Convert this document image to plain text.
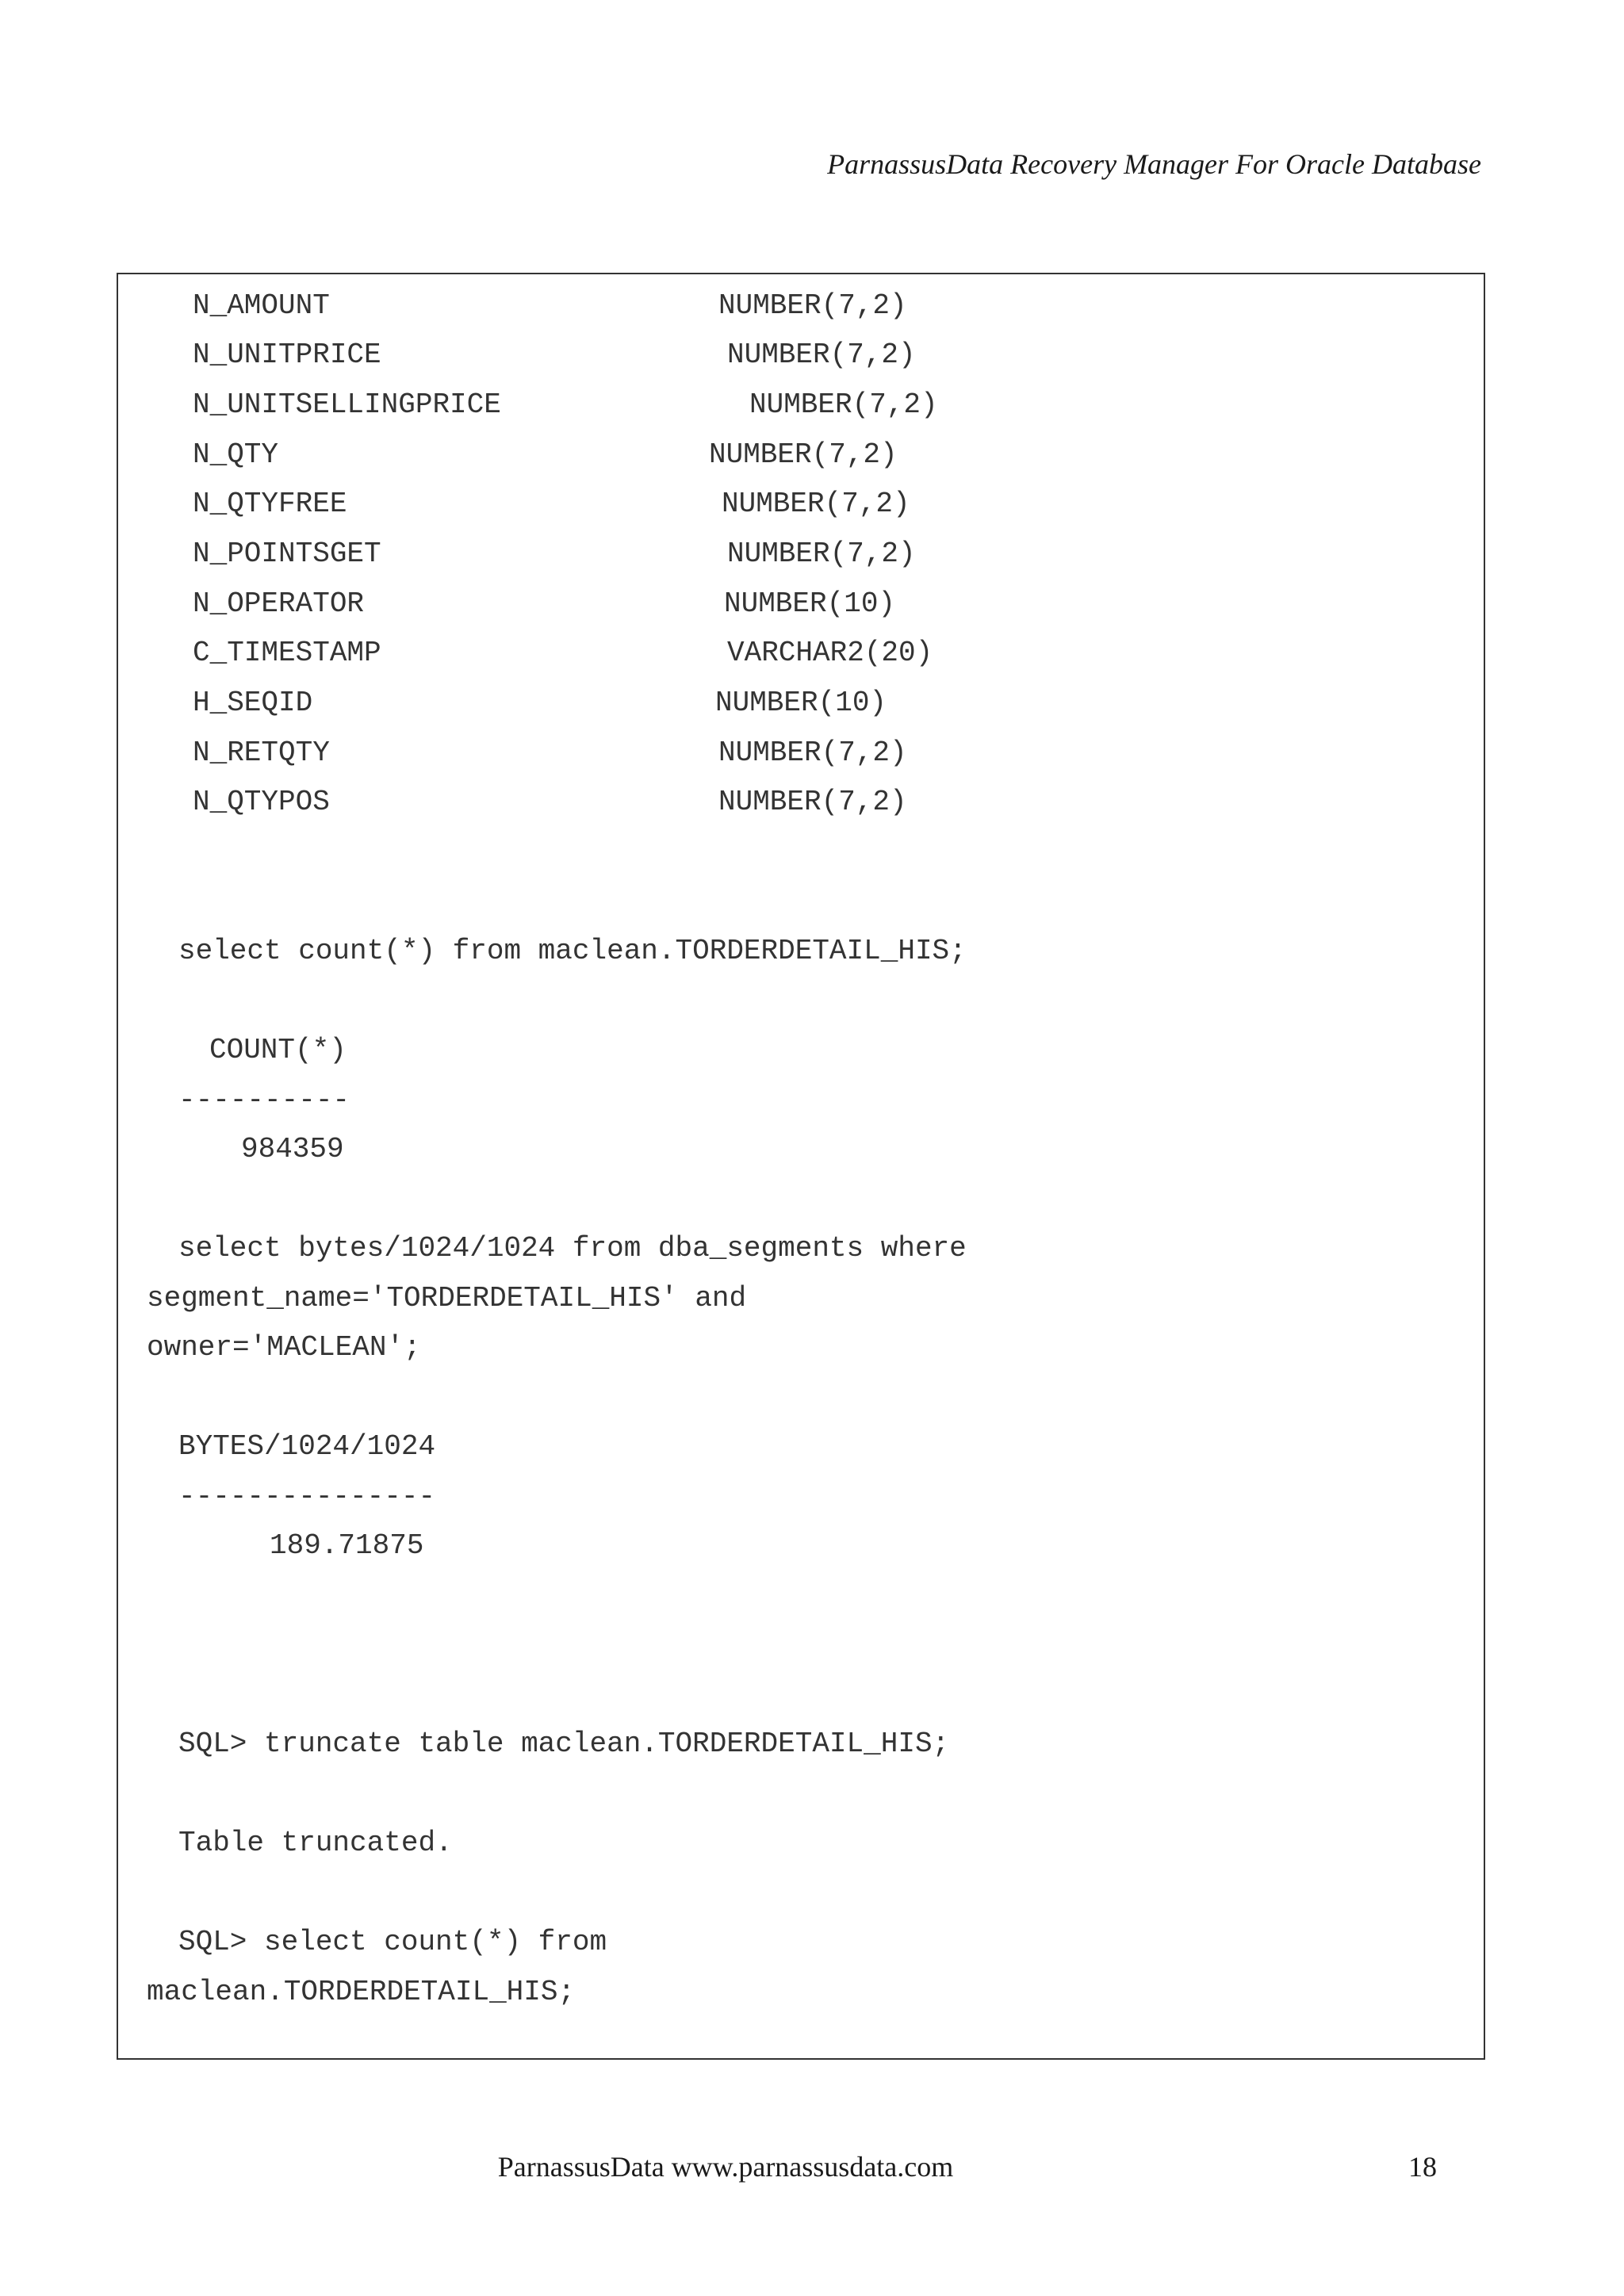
ParnassusData Recovery Manager For Oracle Database
N_AMOUNT	NUMBER(7,2)
N_UNITPRICE	NUMBER(7,2)
N_UNITSELLINGPRICE	NUMBER(7,2)
N_QTY	NUMBER(7,2)
N_QTYFREE	NUMBER(7,2)
N_POINTSGET	NUMBER(7,2)
N_OPERATOR	NUMBER(10)
C_TIMESTAMP	VARCHAR2(20)
H_SEQID	NUMBER(10)
N_RETQTY	NUMBER(7,2)
N_QTYPOS	NUMBER(7,2)
select count(*) from maclean.TORDERDETAIL_HIS;
COUNT(*)
----------
984359
select bytes/1024/1024 from dba_segments where
segment_name='TORDERDETAIL_HIS' and
owner='MACLEAN';
BYTES/1024/1024
---------------
189.71875
SQL> truncate table maclean.TORDERDETAIL_HIS;
Table truncated.
SQL> select count(*) from
maclean.TORDERDETAIL_HIS;
ParnassusData www.parnassusdata.com	18
